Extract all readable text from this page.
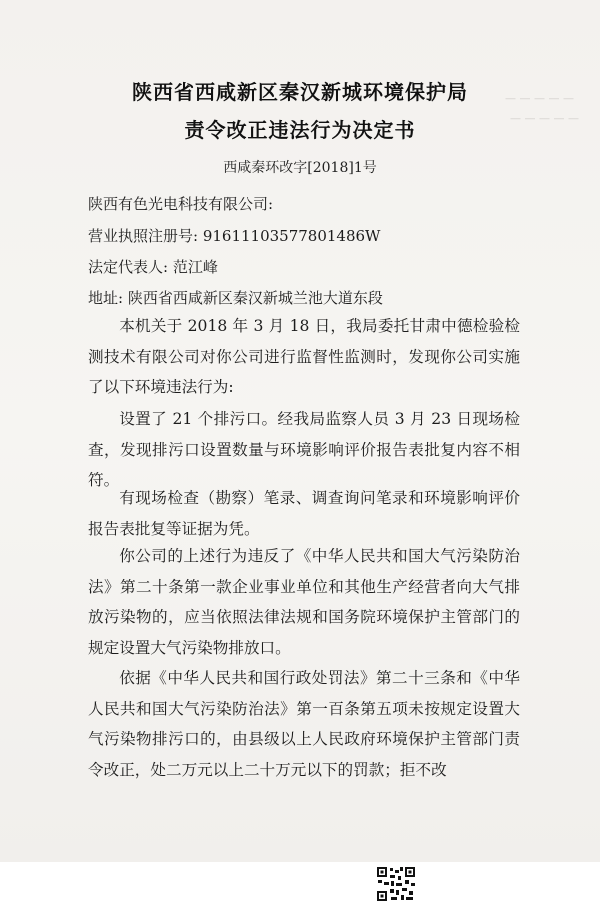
— — — — —
— — — — —
陕西省西咸新区秦汉新城环境保护局
责令改正违法行为决定书
西咸秦环改字[2018]1号
陕西有色光电科技有限公司:
营业执照注册号: 916111035778014​86W
法定代表人: 范江峰
地址: 陕西省西咸新区秦汉新城兰池大道东段
本机关于 2018 年 3 月 18 日，我局委托甘肃中德检验检测技术有限公司对你公司进行监督性监测时，发现你公司实施了以下环境违法行为:
设置了 21 个排污口。经我局监察人员 3 月 23 日现场检查，发现排污口设置数量与环境影响评价报告表批复内容不相符。
有现场检查（勘察）笔录、调查询问笔录和环境影响评价报告表批复等证据为凭。
你公司的上述行为违反了《中华人民共和国大气污染防治法》第二十条第一款企业事业单位和其他生产经营者向大气排放污染物的，应当依照法律法规和国务院环境保护主管部门的规定设置大气污染物排放口。
依据《中华人民共和国行政处罚法》第二十三条和《中华人民共和国大气污染防治法》第一百条第五项未按规定设置大气污染物排污口的，由县级以上人民政府环境保护主管部门责令改正，处二万元以上二十万元以下的罚款；拒不改
